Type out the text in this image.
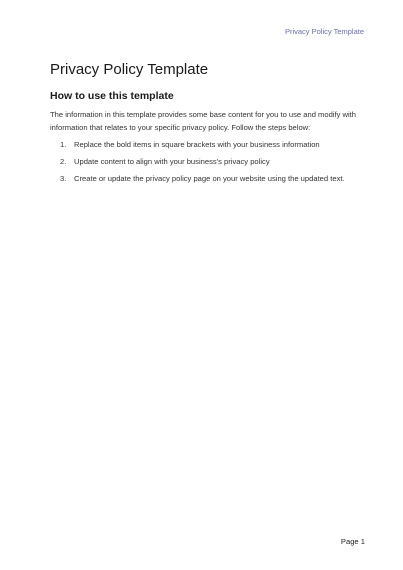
Privacy Policy Template
Privacy Policy Template
How to use this template

The information in this template provides some base content for you to use and modify with information that relates to your specific privacy policy. Follow the steps below:

1. Replace the bold items in square brackets with your business information
2. Update content to align with your business's privacy policy
3. Create or update the privacy policy page on your website using the updated text.
Page 1
